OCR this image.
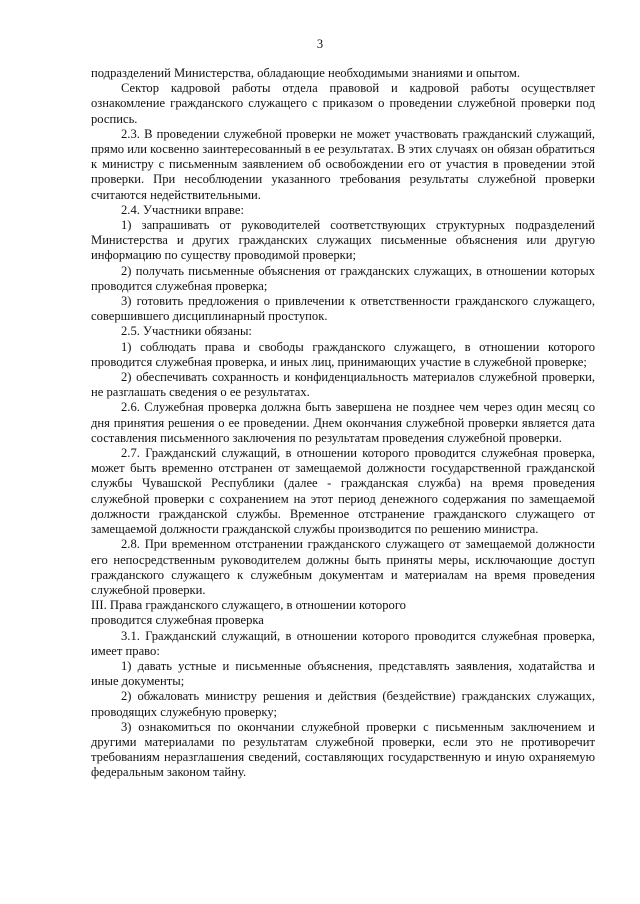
3

подразделений Министерства, обладающие необходимыми знаниями и опытом.

Сектор кадровой работы отдела правовой и кадровой работы осуществляет ознакомление гражданского служащего с приказом о проведении служебной проверки под роспись.

2.3. В проведении служебной проверки не может участвовать гражданский служащий, прямо или косвенно заинтересованный в ее результатах. В этих случаях он обязан обратиться к министру с письменным заявлением об освобождении его от участия в проведении этой проверки. При несоблюдении указанного требования результаты служебной проверки считаются недействительными.

2.4. Участники вправе:

1) запрашивать от руководителей соответствующих структурных подразделений Министерства и других гражданских служащих письменные объяснения или другую информацию по существу проводимой проверки;

2) получать письменные объяснения от гражданских служащих, в отношении которых проводится служебная проверка;

3) готовить предложения о привлечении к ответственности гражданского служащего, совершившего дисциплинарный проступок.

2.5. Участники обязаны:

1) соблюдать права и свободы гражданского служащего, в отношении которого проводится служебная проверка, и иных лиц, принимающих участие в служебной проверке;

2) обеспечивать сохранность и конфиденциальность материалов служебной проверки, не разглашать сведения о ее результатах.

2.6. Служебная проверка должна быть завершена не позднее чем через один месяц со дня принятия решения о ее проведении. Днем окончания служебной проверки является дата составления письменного заключения по результатам проведения служебной проверки.

2.7. Гражданский служащий, в отношении которого проводится служебная проверка, может быть временно отстранен от замещаемой должности государственной гражданской службы Чувашской Республики (далее - гражданская служба) на время проведения служебной проверки с сохранением на этот период денежного содержания по замещаемой должности гражданской службы. Временное отстранение гражданского служащего от замещаемой должности гражданской службы производится по решению министра.

2.8. При временном отстранении гражданского служащего от замещаемой должности его непосредственным руководителем должны быть приняты меры, исключающие доступ гражданского служащего к служебным документам и материалам на время проведения служебной проверки.

III. Права гражданского служащего, в отношении которого
проводится служебная проверка

3.1. Гражданский служащий, в отношении которого проводится служебная проверка, имеет право:

1) давать устные и письменные объяснения, представлять заявления, ходатайства и иные документы;

2) обжаловать министру решения и действия (бездействие) гражданских служащих, проводящих служебную проверку;

3) ознакомиться по окончании служебной проверки с письменным заключением и другими материалами по результатам служебной проверки, если это не противоречит требованиям неразглашения сведений, составляющих государственную и иную охраняемую федеральным законом тайну.
